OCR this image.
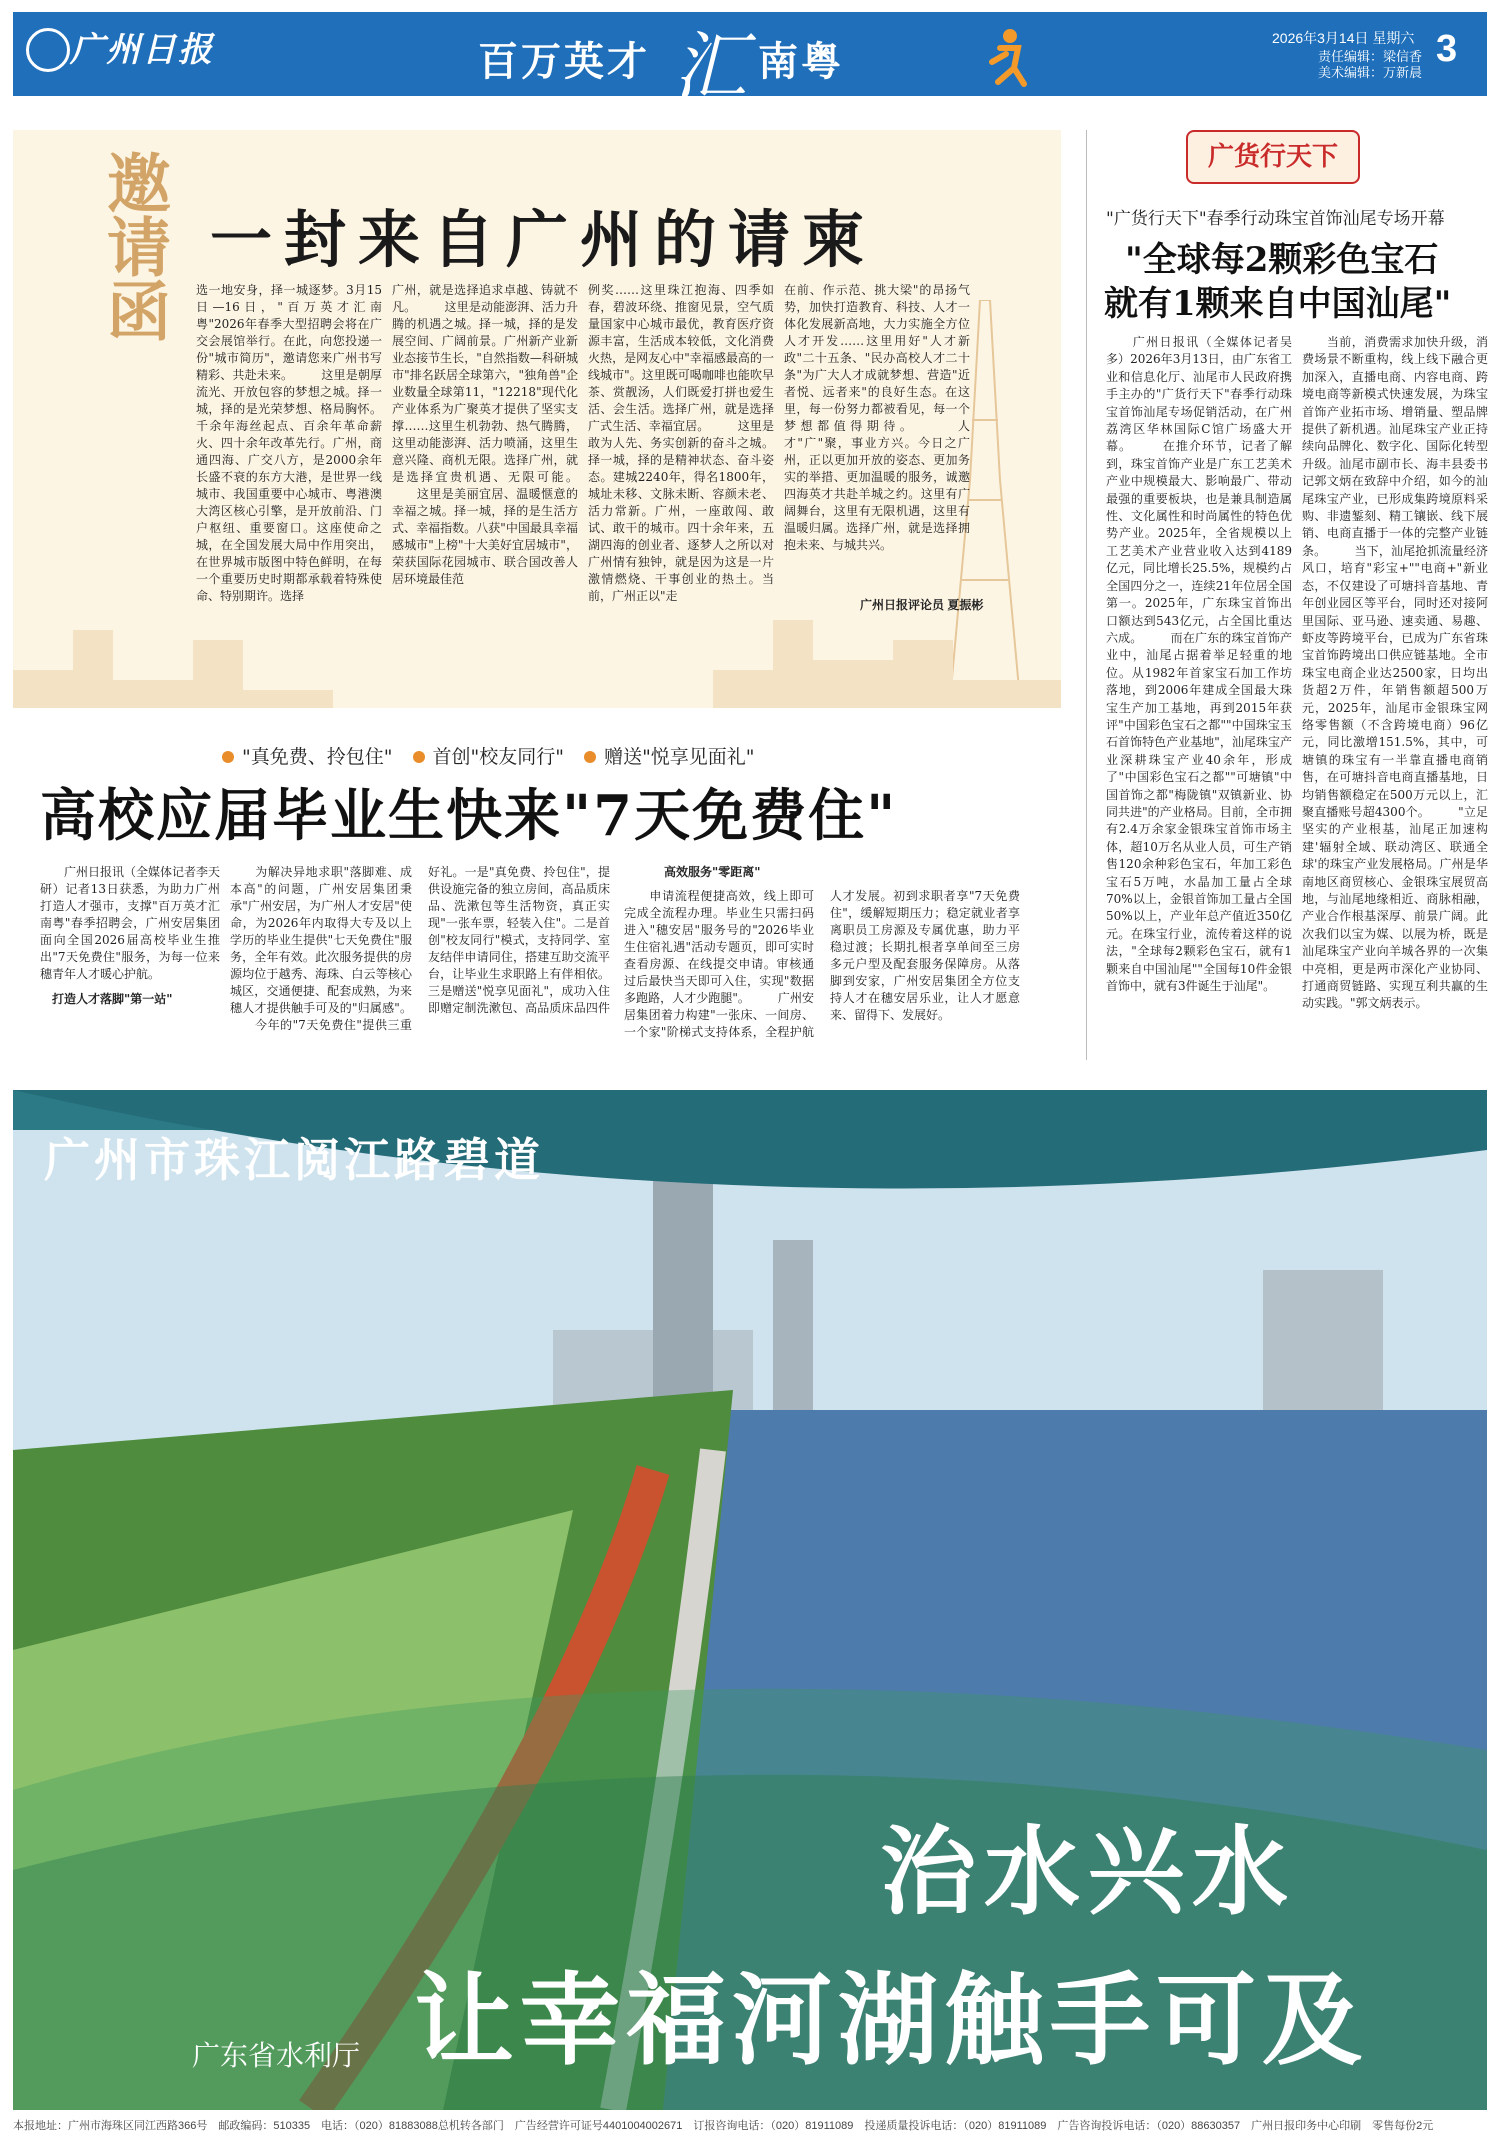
广州日报	百万英才 汇 南粤	2026年3月14日 星期六
责任编辑：梁信香
美术编辑：万新晨
3
邀请函 一封来自广州的请柬
选一地安身，择一城逐梦。3月15日—16日，"百万英才汇南粤"2026年春季大型招聘会将在广交会展馆举行。在此，向您投递一份"城市简历"，邀请您来广州书写精彩、共赴未来。 　　这里是朝厚流光、开放包容的梦想之城。择一城，择的是光荣梦想、格局胸怀。千余年海丝起点、百余年革命薪火、四十余年改革先行。广州，商通四海、广交八方，是2000余年长盛不衰的东方大港，是世界一线城市、我国重要中心城市、粤港澳大湾区核心引擎，是开放前沿、门户枢纽、重要窗口。这座使命之城，在全国发展大局中作用突出，在世界城市版图中特色鲜明，在每一个重要历史时期都承载着特殊使命、特别期许。选择
广州，就是选择追求卓越、铸就不凡。 　　这里是动能澎湃、活力升腾的机遇之城。择一城，择的是发展空间、广阔前景。广州新产业新业态接节生长，"自然指数—科研城市"排名跃居全球第六，"独角兽"企业数量全球第11，"12218"现代化产业体系为广聚英才提供了坚实支撑……这里生机勃勃、热气腾腾，这里动能澎湃、活力喷涌，这里生意兴隆、商机无限。选择广州，就是选择宜贵机遇、无限可能。 　　这里是美丽宜居、温暖惬意的幸福之城。择一城，择的是生活方式、幸福指数。八获"中国最具幸福感城市"上榜"十大美好宜居城市"，荣获国际花园城市、联合国改善人居环境最佳范
例奖……这里珠江抱海、四季如春，碧波环绕、推窗见景，空气质量国家中心城市最优，教育医疗资源丰富，生活成本较低，文化消费火热，是网友心中"幸福感最高的一线城市"。这里既可喝咖啡也能吹早茶、赏靓汤，人们既爱打拼也爱生活、会生活。选择广州，就是选择广式生活、幸福宜居。 　　这里是敢为人先、务实创新的奋斗之城。择一城，择的是精神状态、奋斗姿态。建城2240年，得名1800年，城址未移、文脉未断、容颜未老、活力常新。广州，一座敢闯、敢试、敢干的城市。四十余年来，五湖四海的创业者、逐梦人之所以对广州情有独钟，就是因为这是一片激情燃烧、干事创业的热土。当前，广州正以"走
在前、作示范、挑大梁"的昂扬气势，加快打造教育、科技、人才一体化发展新高地，大力实施全方位人才开发……这里用好"人才新政"二十五条、"民办高校人才二十条"为广大人才成就梦想、营造"近者悦、远者来"的良好生态。在这里，每一份努力都被看见，每一个梦想都值得期待。 　　人才"广"聚，事业方兴。今日之广州，正以更加开放的姿态、更加务实的举措、更加温暖的服务，诚邀四海英才共赴羊城之约。这里有广阔舞台，这里有无限机遇，这里有温暖归属。选择广州，就是选择拥抱未来、与城共兴。
广州日报评论员 夏振彬
广货行天下
"广货行天下"春季行动珠宝首饰汕尾专场开幕
"全球每2颗彩色宝石
就有1颗来自中国汕尾"
　　广州日报讯（全媒体记者吴多）2026年3月13日，由广东省工业和信息化厅、汕尾市人民政府携手主办的"广货行天下"春季行动珠宝首饰汕尾专场促销活动，在广州荔湾区华林国际C馆广场盛大开幕。 　　在推介环节，记者了解到，珠宝首饰产业是广东工艺美术产业中规模最大、影响最广、带动最强的重要板块，也是兼具制造属性、文化属性和时尚属性的特色优势产业。2025年，全省规模以上工艺美术产业营业收入达到4189亿元，同比增长25.5%，规模约占全国四分之一，连续21年位居全国第一。2025年，广东珠宝首饰出口额达到543亿元，占全国比重达六成。 　　而在广东的珠宝首饰产业中，汕尾占据着举足轻重的地位。从1982年首家宝石加工作坊落地，到2006年建成全国最大珠宝生产加工基地，再到2015年获评"中国彩色宝石之都""中国珠宝玉石首饰特色产业基地"，汕尾珠宝产业深耕珠宝产业40余年，形成了"中国彩色宝石之都""可塘镇"中国首饰之都"梅陇镇"双镇新业、协同共进"的产业格局。目前，全市拥有2.4万余家金银珠宝首饰市场主体，超10万名从业人员，可生产销售120余种彩色宝石，年加工彩色宝石5万吨，水晶加工量占全球70%以上，金银首饰加工量占全国50%以上，产业年总产值近350亿元。在珠宝行业，流传着这样的说法，"全球每2颗彩色宝石，就有1颗来自中国汕尾""全国每10件金银首饰中，就有3件诞生于汕尾"。
　　当前，消费需求加快升级，消费场景不断重构，线上线下融合更加深入，直播电商、内容电商、跨境电商等新模式快速发展，为珠宝首饰产业拓市场、增销量、塑品牌提供了新机遇。汕尾珠宝产业正持续向品牌化、数字化、国际化转型升级。汕尾市副市长、海丰县委书记郭文炳在致辞中介绍，如今的汕尾珠宝产业，已形成集跨境原料采购、非遗錾刻、精工镶嵌、线下展销、电商直播于一体的完整产业链条。 　　当下，汕尾抢抓流量经济风口，培育"彩宝+""电商+"新业态，不仅建设了可塘抖音基地、青年创业园区等平台，同时还对接阿里国际、亚马逊、速卖通、易趣、虾皮等跨境平台，已成为广东省珠宝首饰跨境出口供应链基地。全市珠宝电商企业达2500家，日均出货超2万件，年销售额超500万元，2025年，汕尾市金银珠宝网络零售额（不含跨境电商）96亿元，同比激增151.5%，其中，可塘镇的珠宝有一半靠直播电商销售，在可塘抖音电商直播基地，日均销售额稳定在500万元以上，汇聚直播账号超4300个。 　　"立足坚实的产业根基，汕尾正加速构建'辐射全域、联动湾区、联通全球'的珠宝产业发展格局。广州是华南地区商贸核心、金银珠宝展贸高地，与汕尾地缘相近、商脉相融，产业合作根基深厚、前景广阔。此次我们以宝为媒、以展为桥，既是汕尾珠宝产业向羊城各界的一次集中亮相，更是两市深化产业协同、打通商贸链路、实现互利共赢的生动实践。"郭文炳表示。
"真免费、拎包住" 首创"校友同行" 赠送"悦享见面礼"
高校应届毕业生快来"7天免费住"
　　广州日报讯（全媒体记者李天研）记者13日获悉，为助力广州打造人才强市，支撑"百万英才汇南粤"春季招聘会，广州安居集团面向全国2026届高校毕业生推出"7天免费住"服务，为每一位来穗青年人才暖心护航。
打造人才落脚"第一站"
　　为解决异地求职"落脚难、成本高"的问题，广州安居集团秉承"广州安居，为广州人才安居"使命，为2026年内取得大专及以上学历的毕业生提供"七天免费住"服务，全年有效。此次服务提供的房源均位于越秀、海珠、白云等核心城区，交通便捷、配套成熟，为来穗人才提供触手可及的"归属感"。 　　今年的"7天免费住"提供三重好礼。一是"真免费、拎包住"，提供设施完备的独立房间，高品质床品、洗漱包等生活物资，真正实现"一张车票，轻装入住"。二是首创"校友同行"模式，支持同学、室友结伴申请同住，搭建互助交流平台，让毕业生求职路上有伴相依。三是赠送"悦享见面礼"，成功入住即赠定制洗漱包、高品质床品四件
高效服务"零距离"
　　申请流程便捷高效，线上即可完成全流程办理。毕业生只需扫码进入"穗安居"服务号的"2026毕业生住宿礼遇"活动专题页，即可实时查看房源、在线提交申请。审核通过后最快当天即可入住，实现"数据多跑路，人才少跑腿"。 　　广州安居集团着力构建"一张床、一间房、一个家"阶梯式支持体系，全程护航人才发展。初到求职者享"7天免费住"，缓解短期压力；稳定就业者享离职员工房源及专属优惠，助力平稳过渡；长期扎根者享单间至三房多元户型及配套服务保障房。从落脚到安家，广州安居集团全方位支持人才在穗安居乐业，让人才愿意来、留得下、发展好。
广州市珠江阅江路碧道
治水兴水
让幸福河湖触手可及
广东省水利厅
本报地址：广州市海珠区同江西路366号　邮政编码：510335　电话：（020）81883088总机转各部门　广告经营许可证号4401004002671　订报咨询电话：（020）81911089　投递质量投诉电话：（020）81911089　广告咨询投诉电话：（020）88630357　广州日报印务中心印刷　零售每份2元
